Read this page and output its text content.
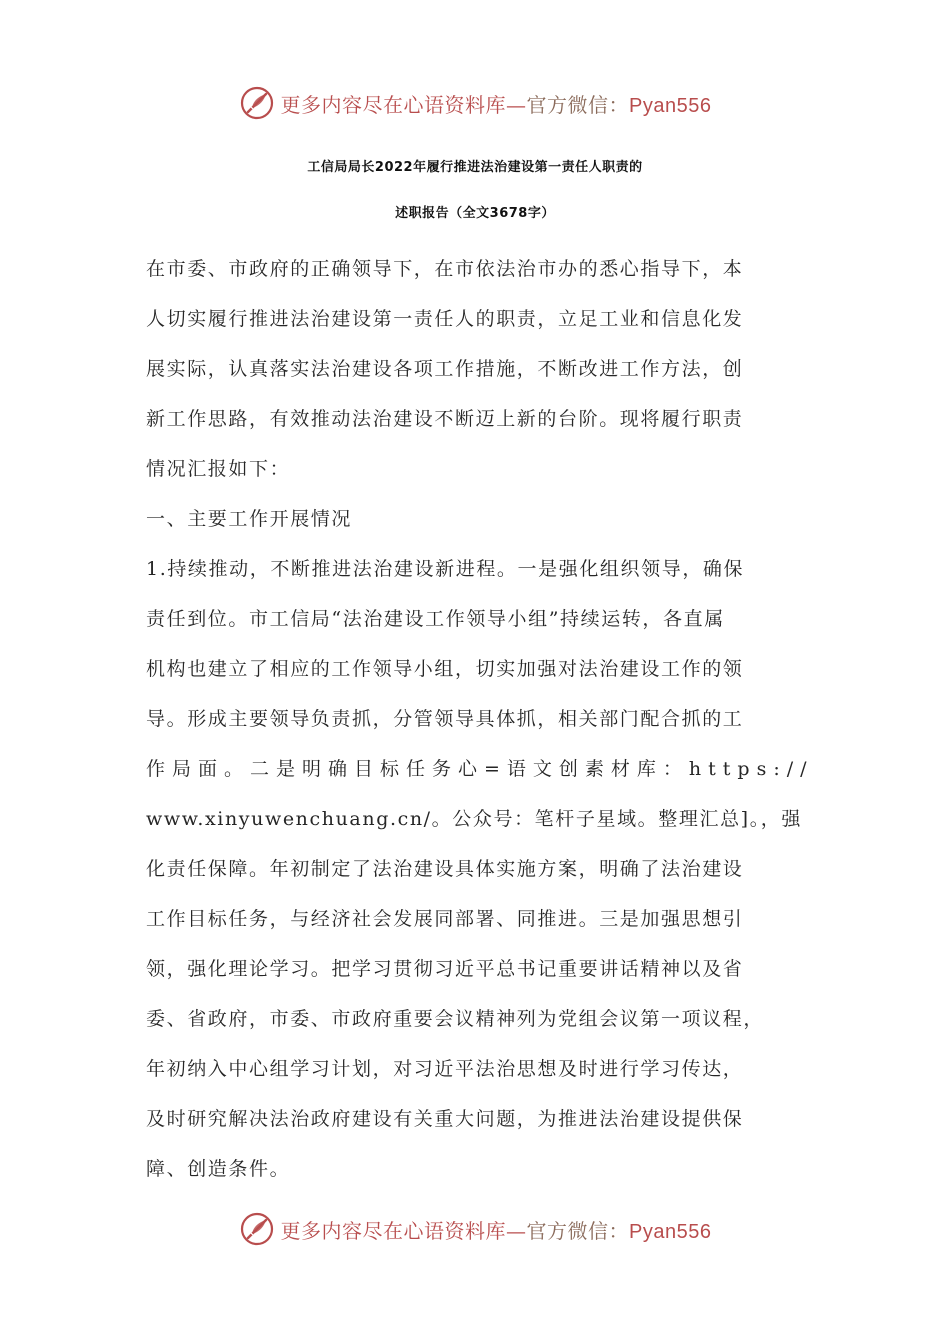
更多内容尽在心语资料库—官方微信：Pyan556
工信局局长2022年履行推进法治建设第一责任人职责的
述职报告（全文3678字）
在市委、市政府的正确领导下，在市依法治市办的悉心指导下，本
人切实履行推进法治建设第一责任人的职责，立足工业和信息化发
展实际，认真落实法治建设各项工作措施，不断改进工作方法，创
新工作思路，有效推动法治建设不断迈上新的台阶。现将履行职责
情况汇报如下：
一、主要工作开展情况
1.持续推动，不断推进法治建设新进程。一是强化组织领导，确保
责任到位。市工信局“法治建设工作领导小组”持续运转，各直属
机构也建立了相应的工作领导小组，切实加强对法治建设工作的领
导。形成主要领导负责抓，分管领导具体抓，相关部门配合抓的工
作局面。二是明确目标任务心=语文创素材库：https://
www.xinyuwenchuang.cn/。公众号：笔杆子星域。整理汇总]。，强
化责任保障。年初制定了法治建设具体实施方案，明确了法治建设
工作目标任务，与经济社会发展同部署、同推进。三是加强思想引
领，强化理论学习。把学习贯彻习近平总书记重要讲话精神以及省
委、省政府，市委、市政府重要会议精神列为党组会议第一项议程，
年初纳入中心组学习计划，对习近平法治思想及时进行学习传达，
及时研究解决法治政府建设有关重大问题，为推进法治建设提供保
障、创造条件。
更多内容尽在心语资料库—官方微信：Pyan556
